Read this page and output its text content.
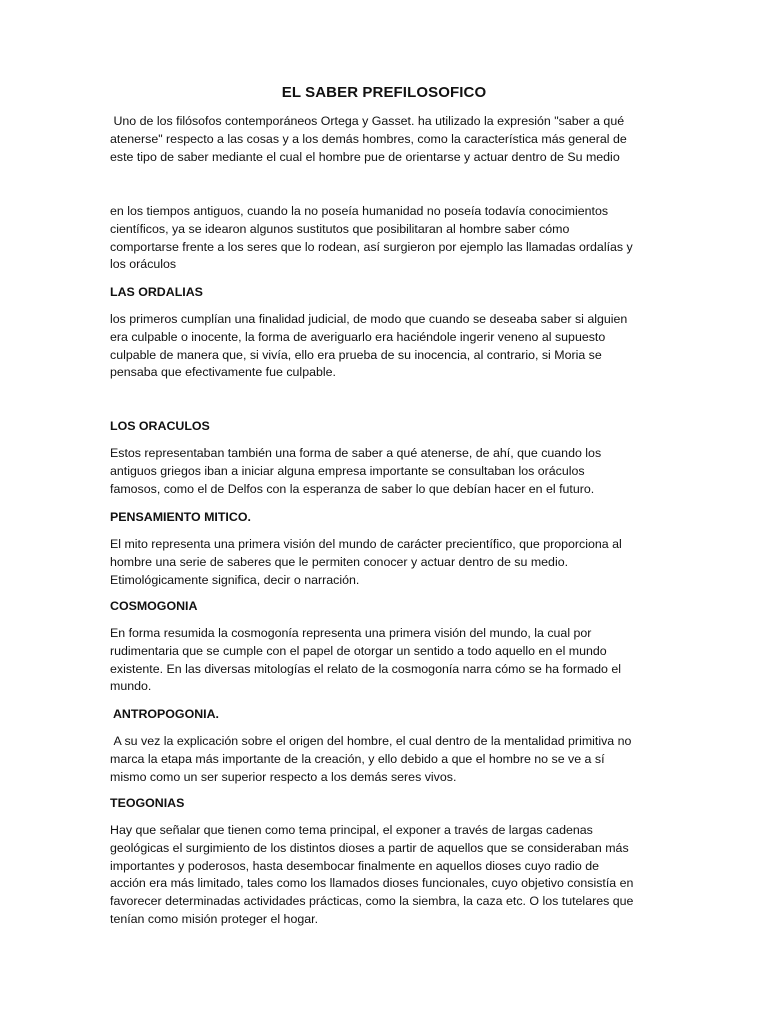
EL SABER PREFILOSOFICO

Uno de los filósofos contemporáneos Ortega y Gasset. ha utilizado la expresión "saber a qué
atenerse" respecto a las cosas y a los demás hombres, como la característica más general de
este tipo de saber mediante el cual el hombre pue de orientarse y actuar dentro de Su medio

en los tiempos antiguos, cuando la no poseía humanidad no poseía todavía conocimientos
científicos, ya se idearon algunos sustitutos que posibilitaran al hombre saber cómo
comportarse frente a los seres que lo rodean, así surgieron por ejemplo las llamadas ordalías y
los oráculos

LAS ORDALIAS

los primeros cumplían una finalidad judicial, de modo que cuando se deseaba saber si alguien
era culpable o inocente, la forma de averiguarlo era haciéndole ingerir veneno al supuesto
culpable de manera que, si vivía, ello era prueba de su inocencia, al contrario, si Moria se
pensaba que efectivamente fue culpable.

LOS ORACULOS

Estos representaban también una forma de saber a qué atenerse, de ahí, que cuando los
antiguos griegos iban a iniciar alguna empresa importante se consultaban los oráculos
famosos, como el de Delfos con la esperanza de saber lo que debían hacer en el futuro.

PENSAMIENTO MITICO.

El mito representa una primera visión del mundo de carácter precientífico, que proporciona al
hombre una serie de saberes que le permiten conocer y actuar dentro de su medio.
Etimológicamente significa, decir o narración.

COSMOGONIA

En forma resumida la cosmogonía representa una primera visión del mundo, la cual por
rudimentaria que se cumple con el papel de otorgar un sentido a todo aquello en el mundo
existente. En las diversas mitologías el relato de la cosmogonía narra cómo se ha formado el
mundo.

ANTROPOGONIA.

A su vez la explicación sobre el origen del hombre, el cual dentro de la mentalidad primitiva no
marca la etapa más importante de la creación, y ello debido a que el hombre no se ve a sí
mismo como un ser superior respecto a los demás seres vivos.

TEOGONIAS

Hay que señalar que tienen como tema principal, el exponer a través de largas cadenas
geológicas el surgimiento de los distintos dioses a partir de aquellos que se consideraban más
importantes y poderosos, hasta desembocar finalmente en aquellos dioses cuyo radio de
acción era más limitado, tales como los llamados dioses funcionales, cuyo objetivo consistía en
favorecer determinadas actividades prácticas, como la siembra, la caza etc. O los tutelares que
tenían como misión proteger el hogar.
